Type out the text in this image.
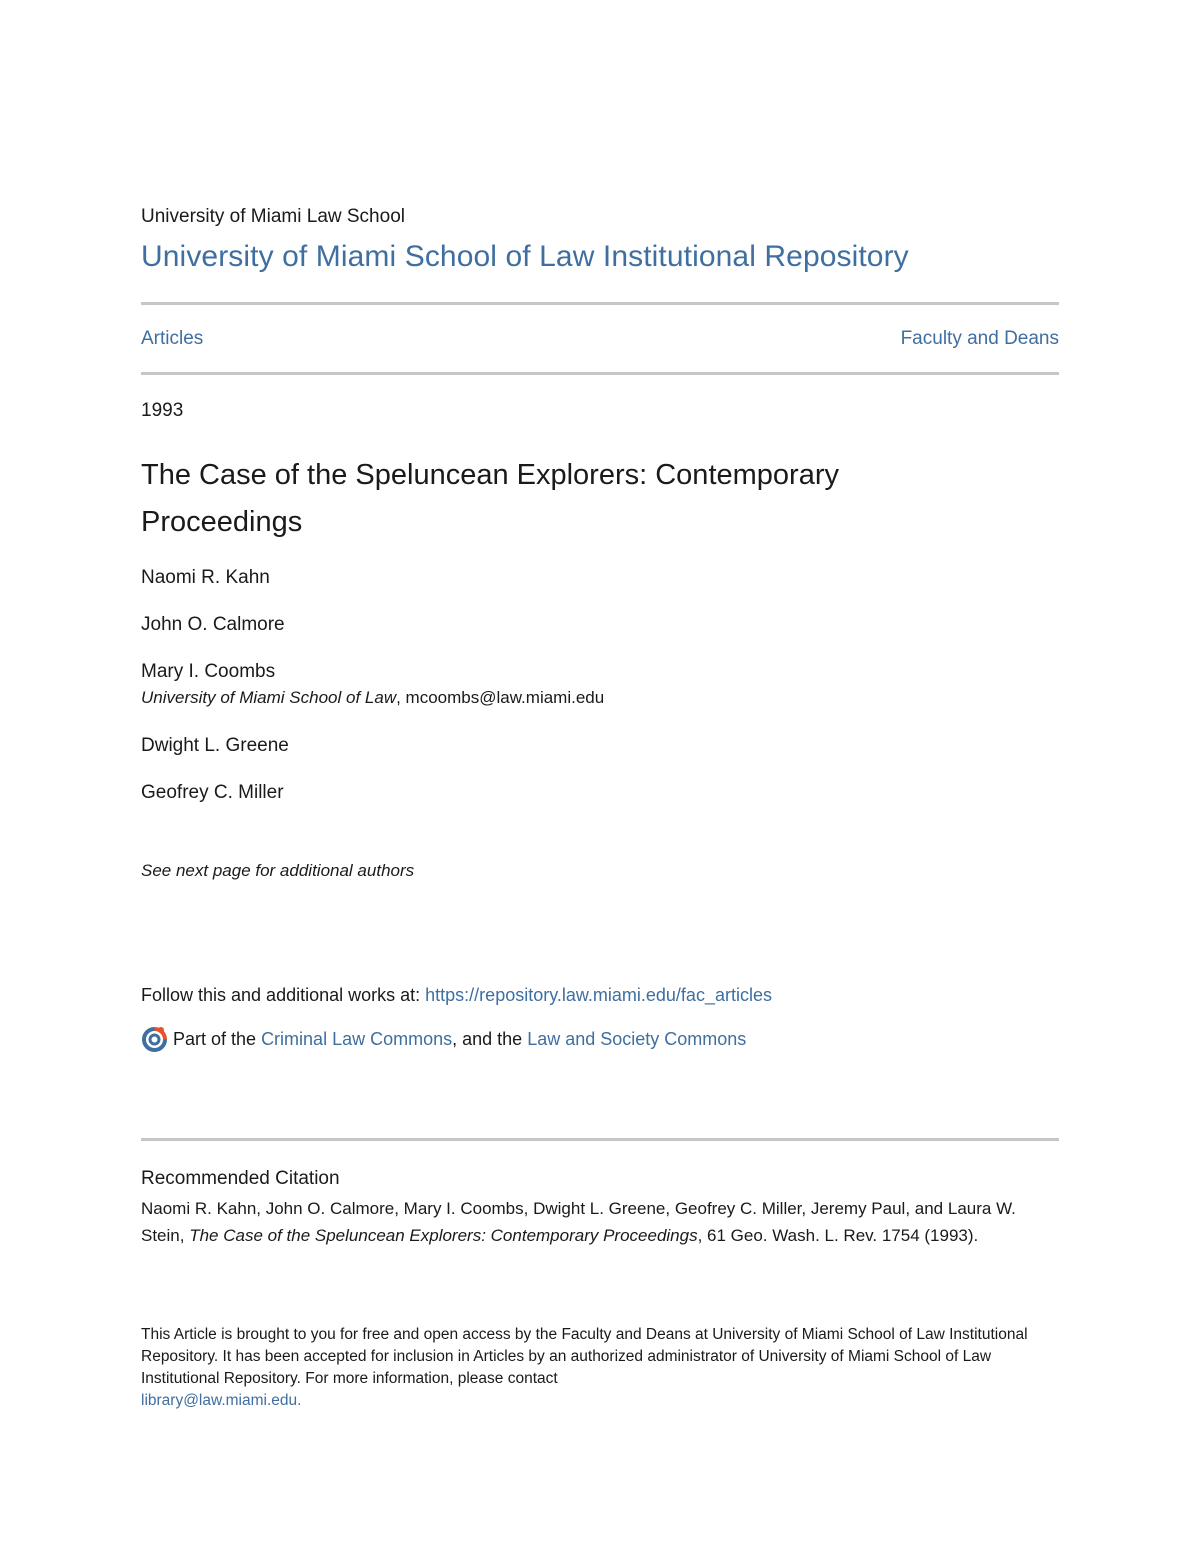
University of Miami Law School
University of Miami School of Law Institutional Repository
Articles	Faculty and Deans
1993
The Case of the Speluncean Explorers: Contemporary Proceedings
Naomi R. Kahn
John O. Calmore
Mary I. Coombs
University of Miami School of Law, mcoombs@law.miami.edu
Dwight L. Greene
Geofrey C. Miller
See next page for additional authors
Follow this and additional works at: https://repository.law.miami.edu/fac_articles
Part of the Criminal Law Commons , and the Law and Society Commons
Recommended Citation
Naomi R. Kahn, John O. Calmore, Mary I. Coombs, Dwight L. Greene, Geofrey C. Miller, Jeremy Paul, and Laura W. Stein, The Case of the Speluncean Explorers: Contemporary Proceedings, 61 Geo. Wash. L. Rev. 1754 (1993).
This Article is brought to you for free and open access by the Faculty and Deans at University of Miami School of Law Institutional Repository. It has been accepted for inclusion in Articles by an authorized administrator of University of Miami School of Law Institutional Repository. For more information, please contact
library@law.miami.edu.
